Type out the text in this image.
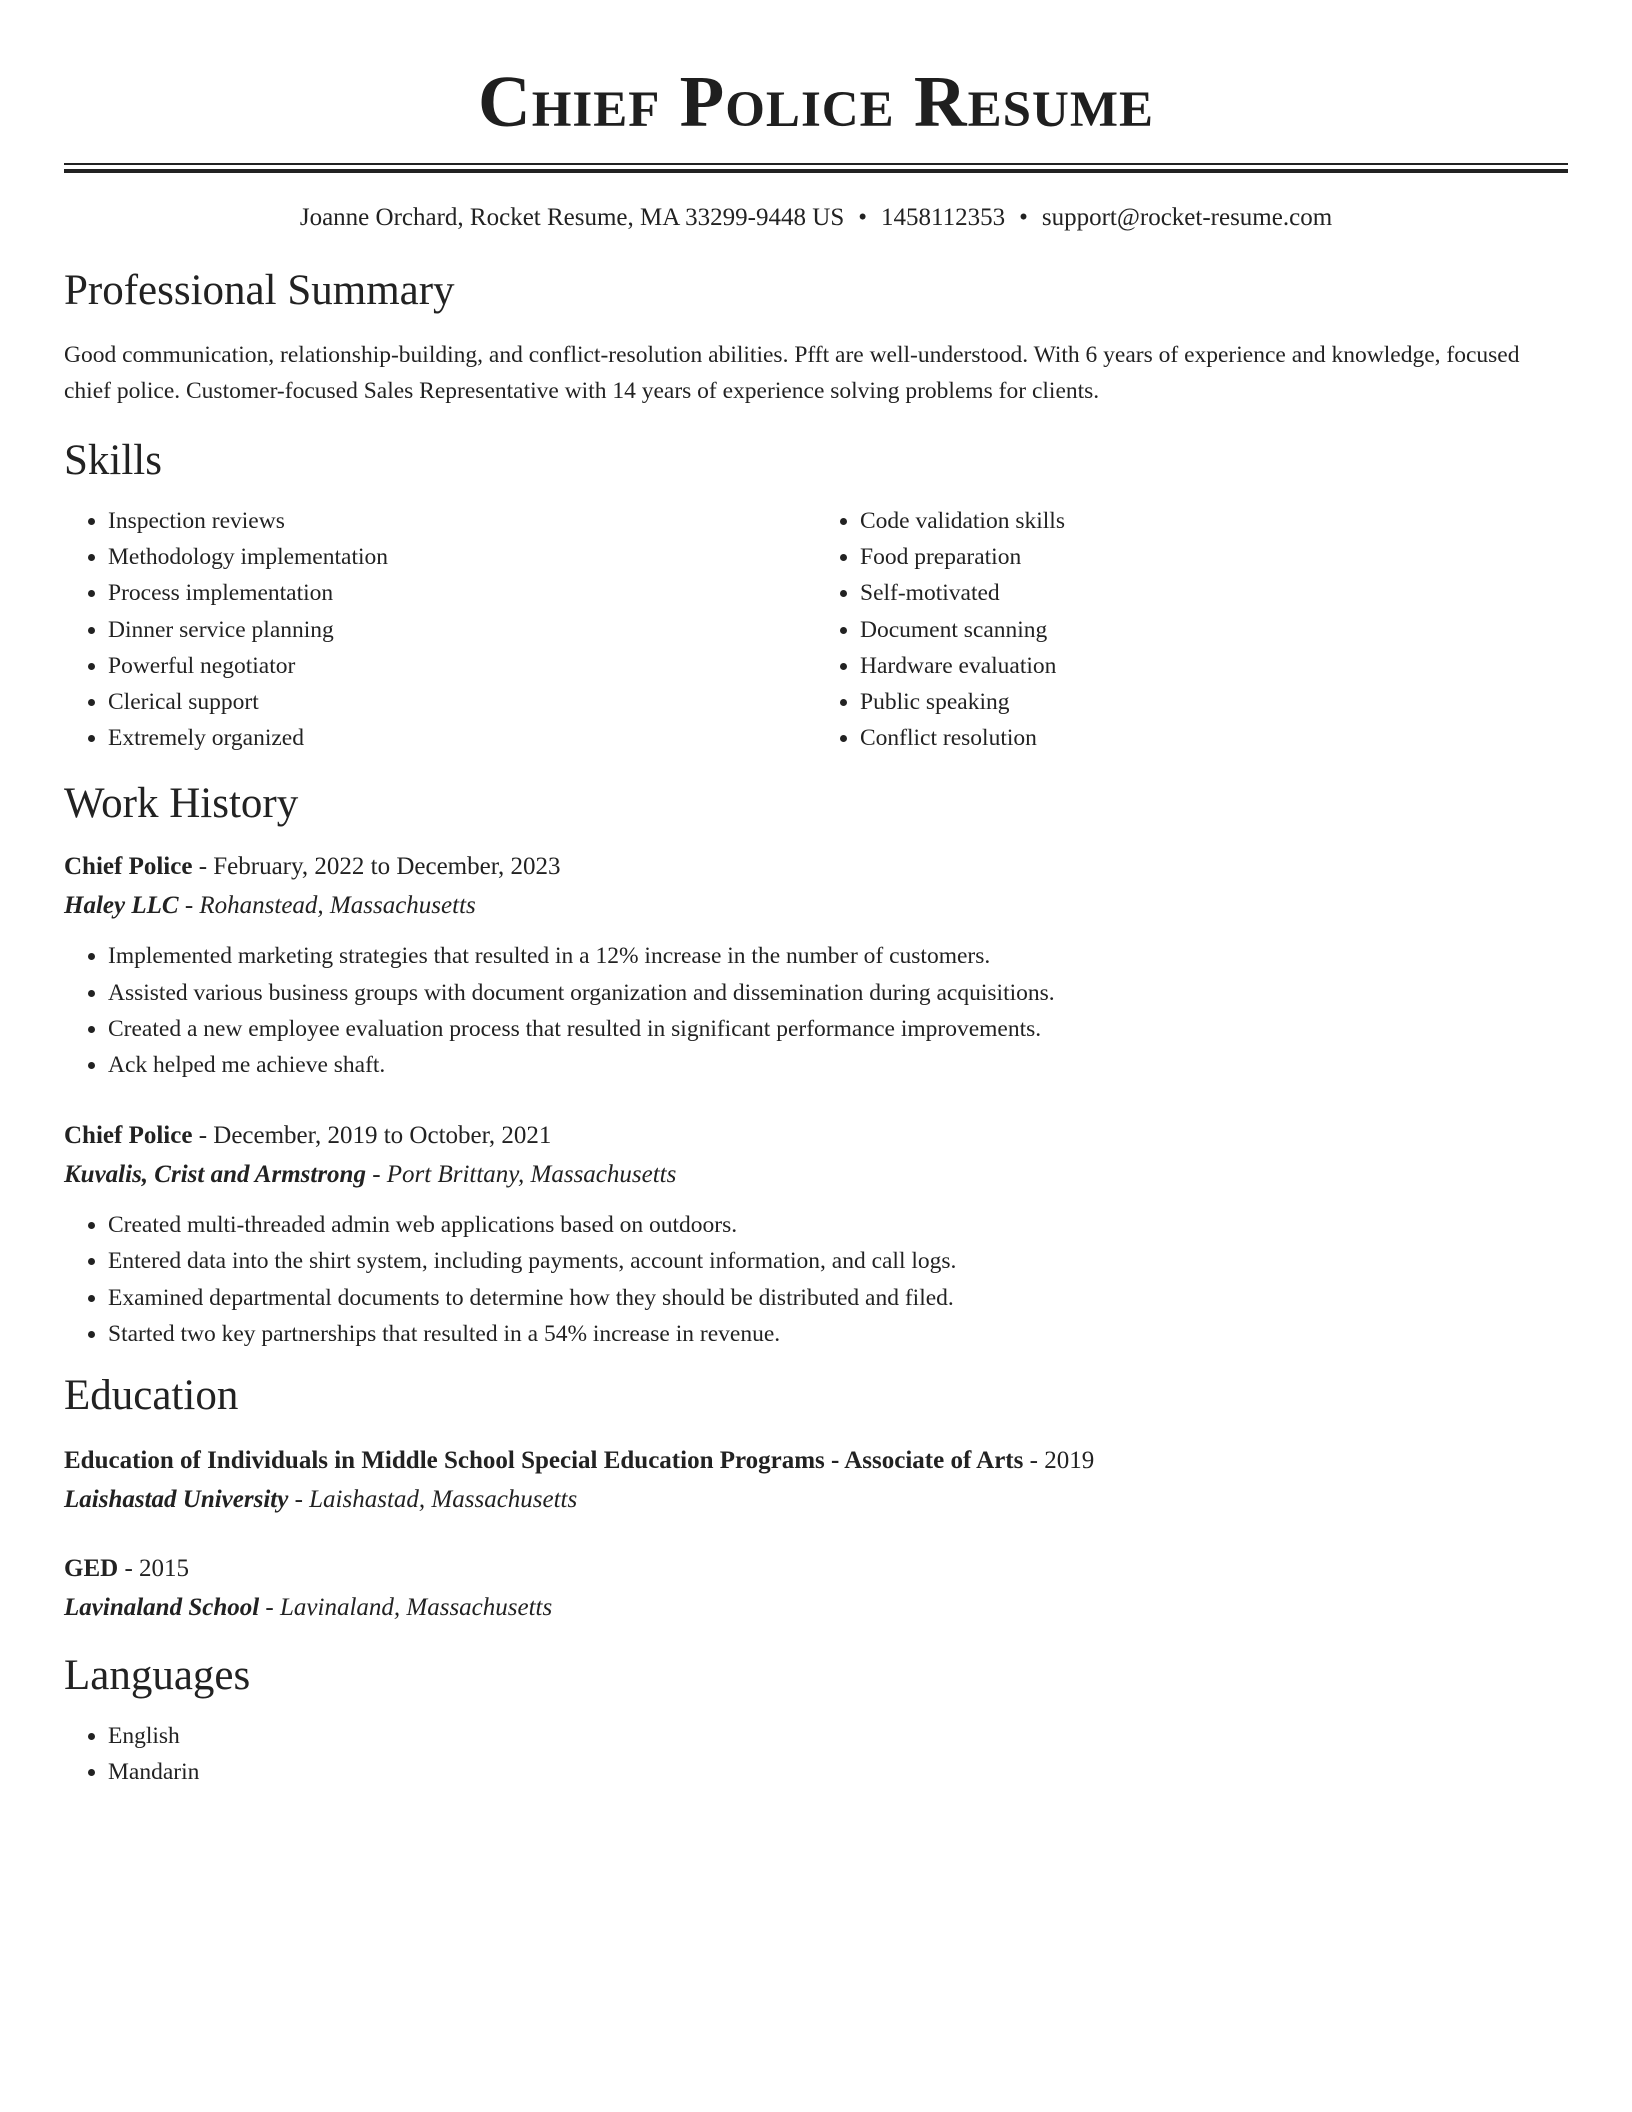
Chief Police Resume
Joanne Orchard, Rocket Resume, MA 33299-9448 US • 1458112353 • support@rocket-resume.com
Professional Summary

Good communication, relationship-building, and conflict-resolution abilities. Pfft are well-understood. With 6 years of experience and knowledge, focused chief police. Customer-focused Sales Representative with 14 years of experience solving problems for clients.

Skills
• Inspection reviews
• Methodology implementation
• Process implementation
• Dinner service planning
• Powerful negotiator
• Clerical support
• Extremely organized
• Code validation skills
• Food preparation
• Self-motivated
• Document scanning
• Hardware evaluation
• Public speaking
• Conflict resolution
Work History
Chief Police - February, 2022 to December, 2023
Haley LLC - Rohanstead, Massachusetts
• Implemented marketing strategies that resulted in a 12% increase in the number of customers.
• Assisted various business groups with document organization and dissemination during acquisitions.
• Created a new employee evaluation process that resulted in significant performance improvements.
• Ack helped me achieve shaft.
Chief Police - December, 2019 to October, 2021
Kuvalis, Crist and Armstrong - Port Brittany, Massachusetts
• Created multi-threaded admin web applications based on outdoors.
• Entered data into the shirt system, including payments, account information, and call logs.
• Examined departmental documents to determine how they should be distributed and filed.
• Started two key partnerships that resulted in a 54% increase in revenue.
Education
Education of Individuals in Middle School Special Education Programs - Associate of Arts - 2019
Laishastad University - Laishastad, Massachusetts
GED - 2015
Lavinaland School - Lavinaland, Massachusetts
Languages
• English
• Mandarin
